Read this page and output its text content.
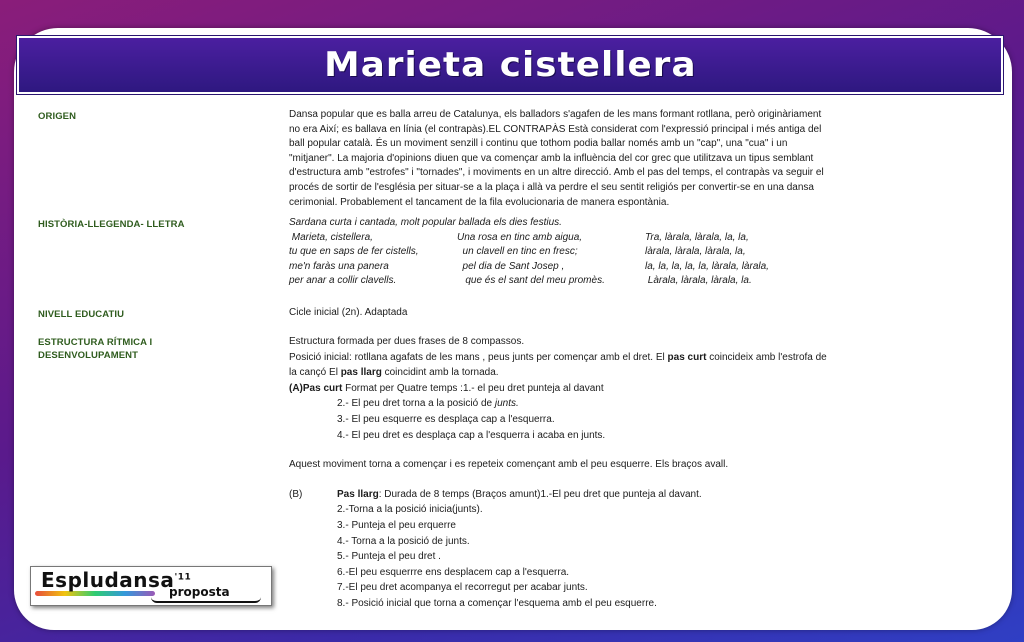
Marieta cistellera
ORIGEN	Dansa popular que es balla arreu de Catalunya, els balladors s'agafen de les mans formant rotllana, però originàriament

no era Així; es ballava en línia (el contrapàs).EL CONTRAPÀS Està considerat com l'expressió principal i més antiga del

ball popular català. És un moviment senzill i continu que tothom podia ballar només amb un "cap", una "cua" i un

"mitjaner". La majoria d'opinions diuen que va començar amb la influència del cor grec que utilitzava un tipus semblant

d'estructura amb "estrofes" i "tornades", i moviments en un altre direcció. Amb el pas del temps, el contrapàs va seguir el

procés de sortir de l'església per situar-se a la plaça i allà va perdre el seu sentit religiós per convertir-se en una dansa

cerimonial. Probablement el tancament de la fila evolucionaria de manera espontània.

HISTÒRIA-LLEGENDA- LLETRA	Sardana curta i cantada, molt popular ballada els dies festius.

Marieta, cistellera,	Una rosa en tinc amb aigua,	Tra, làrala, làrala, la, la,
tu que en saps de fer cistells,	un clavell en tinc en fresc;	làrala, làrala, làrala, la,
me'n faràs una panera	pel dia de Sant Josep ,	la, la, la, la, la, làrala, làrala,
per anar a collir clavells.	que és el sant del meu promès.	Làrala, làrala, làrala, la.
NIVELL EDUCATIU	Cicle inicial (2n). Adaptada
ESTRUCTURA RÍTMICA I
DESENVOLUPAMENT

Estructura formada per dues frases de 8 compassos.

Posició inicial: rotllana agafats de les mans , peus junts per començar amb el dret. El pas curt coincideix amb l'estrofa de

la cançó El pas llarg coincidint amb la tornada.

(A)Pas curt Format per Quatre temps :1.- el peu dret punteja al davant

2.- El peu dret torna a la posició de junts.

3.- El peu esquerre es desplaça cap a l'esquerra.

4.- El peu dret es desplaça cap a l'esquerra i acaba en junts.

Aquest moviment torna a començar i es repeteix començant amb el peu esquerre. Els braços avall.

(B)	Pas llarg: Durada de 8 temps (Braços amunt)1.-El peu dret que punteja al davant.

2.-Torna a la posició inicia(junts).

3.- Punteja el peu erquerre

4.- Torna a la posició de junts.

5.- Punteja el peu dret .

6.-El peu esquerrre ens desplacem cap a l'esquerra.

7.-El peu dret acompanya el recorregut per acabar junts.

8.- Posició inicial que torna a començar l'esquema amb el peu esquerre.

Espludansa$^{'11}$
proposta
